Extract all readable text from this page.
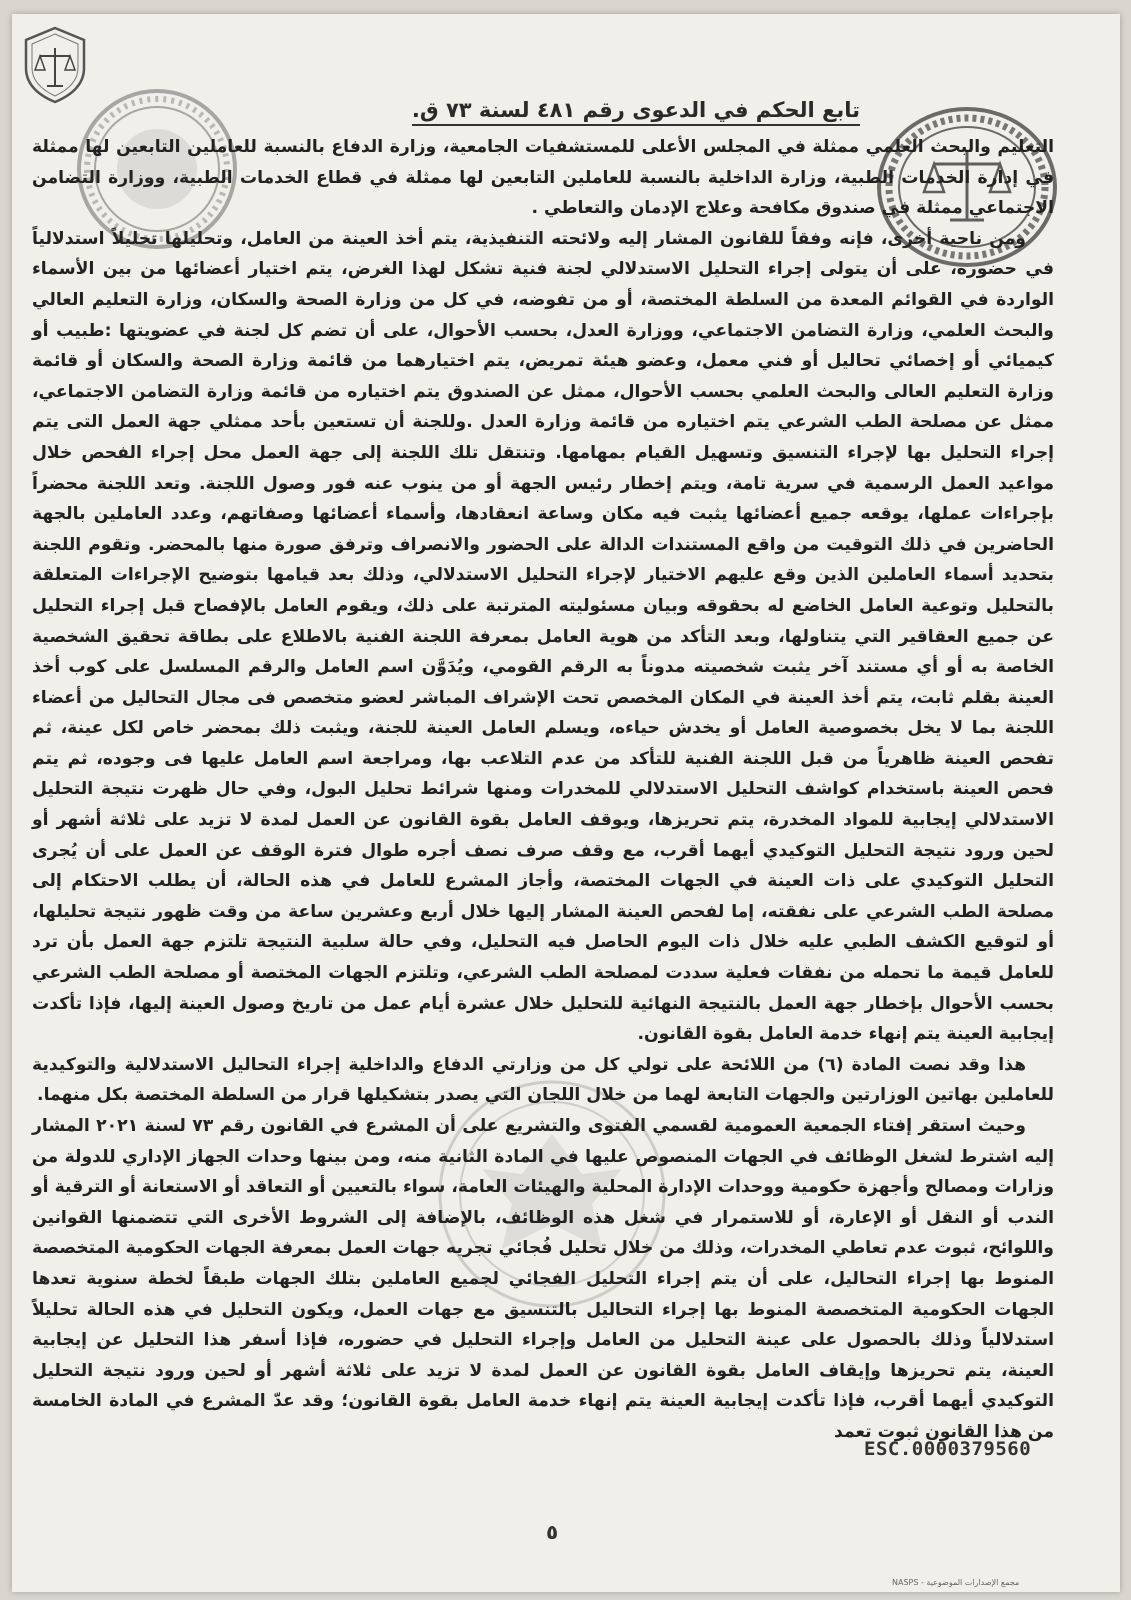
تابع الحكم في الدعوى رقم ٤٨١ لسنة ٧٣ ق.

التعليم والبحث العلمي ممثلة في المجلس الأعلى للمستشفيات الجامعية، وزارة الدفاع بالنسبة للعاملين التابعين لها ممثلة في إدارة الخدمات الطبية، وزارة الداخلية بالنسبة للعاملين التابعين لها ممثلة في قطاع الخدمات الطبية، ووزارة التضامن الاجتماعي ممثلة في صندوق مكافحة وعلاج الإدمان والتعاطي .

ومن ناحية أخرى، فإنه وفقاً للقانون المشار إليه ولائحته التنفيذية، يتم أخذ العينة من العامل، وتحليلها تحليلاً استدلالياً في حضوره، على أن يتولى إجراء التحليل الاستدلالي لجنة فنية تشكل لهذا الغرض، يتم اختيار أعضائها من بين الأسماء الواردة في القوائم المعدة من السلطة المختصة، أو من تفوضه، في كل من وزارة الصحة والسكان، وزارة التعليم العالي والبحث العلمي، وزارة التضامن الاجتماعي، ووزارة العدل، بحسب الأحوال، على أن تضم كل لجنة في عضويتها :طبيب أو كيميائي أو إخصائي تحاليل أو فني معمل، وعضو هيئة تمريض، يتم اختيارهما من قائمة وزارة الصحة والسكان أو قائمة وزارة التعليم العالى والبحث العلمي بحسب الأحوال، ممثل عن الصندوق يتم اختياره من قائمة وزارة التضامن الاجتماعي، ممثل عن مصلحة الطب الشرعي يتم اختياره من قائمة وزارة العدل .وللجنة أن تستعين بأحد ممثلي جهة العمل التى يتم إجراء التحليل بها لإجراء التنسيق وتسهيل القيام بمهامها. وتنتقل تلك اللجنة إلى جهة العمل محل إجراء الفحص خلال مواعيد العمل الرسمية في سرية تامة، ويتم إخطار رئيس الجهة أو من ينوب عنه فور وصول اللجنة. وتعد اللجنة محضراً بإجراءات عملها، يوقعه جميع أعضائها يثبت فيه مكان وساعة انعقادها، وأسماء أعضائها وصفاتهم، وعدد العاملين بالجهة الحاضرين في ذلك التوقيت من واقع المستندات الدالة على الحضور والانصراف وترفق صورة منها بالمحضر. وتقوم اللجنة بتحديد أسماء العاملين الذين وقع عليهم الاختيار لإجراء التحليل الاستدلالي، وذلك بعد قيامها بتوضيح الإجراءات المتعلقة بالتحليل وتوعية العامل الخاضع له بحقوقه وبيان مسئوليته المترتبة على ذلك، ويقوم العامل بالإفصاح قبل إجراء التحليل عن جميع العقاقير التي يتناولها، وبعد التأكد من هوية العامل بمعرفة اللجنة الفنية بالاطلاع على بطاقة تحقيق الشخصية الخاصة به أو أي مستند آخر يثبت شخصيته مدوناً به الرقم القومي، ويُدَوَّن اسم العامل والرقم المسلسل على كوب أخذ العينة بقلم ثابت، يتم أخذ العينة في المكان المخصص تحت الإشراف المباشر لعضو متخصص فى مجال التحاليل من أعضاء اللجنة بما لا يخل بخصوصية العامل أو يخدش حياءه، ويسلم العامل العينة للجنة، ويثبت ذلك بمحضر خاص لكل عينة، ثم تفحص العينة ظاهرياً من قبل اللجنة الفنية للتأكد من عدم التلاعب بها، ومراجعة اسم العامل عليها فى وجوده، ثم يتم فحص العينة باستخدام كواشف التحليل الاستدلالي للمخدرات ومنها شرائط تحليل البول، وفي حال ظهرت نتيجة التحليل الاستدلالي إيجابية للمواد المخدرة، يتم تحريزها، ويوقف العامل بقوة القانون عن العمل لمدة لا تزيد على ثلاثة أشهر أو لحين ورود نتيجة التحليل التوكيدي أيهما أقرب، مع وقف صرف نصف أجره طوال فترة الوقف عن العمل على أن يُجرى التحليل التوكيدي على ذات العينة في الجهات المختصة، وأجاز المشرع للعامل في هذه الحالة، أن يطلب الاحتكام إلى مصلحة الطب الشرعي على نفقته، إما لفحص العينة المشار إليها خلال أربع وعشرين ساعة من وقت ظهور نتيجة تحليلها، أو لتوقيع الكشف الطبي عليه خلال ذات اليوم الحاصل فيه التحليل، وفي حالة سلبية النتيجة تلتزم جهة العمل بأن ترد للعامل قيمة ما تحمله من نفقات فعلية سددت لمصلحة الطب الشرعي، وتلتزم الجهات المختصة أو مصلحة الطب الشرعي بحسب الأحوال بإخطار جهة العمل بالنتيجة النهائية للتحليل خلال عشرة أيام عمل من تاريخ وصول العينة إليها، فإذا تأكدت إيجابية العينة يتم إنهاء خدمة العامل بقوة القانون.

هذا وقد نصت المادة (٦) من اللائحة على تولي كل من وزارتي الدفاع والداخلية إجراء التحاليل الاستدلالية والتوكيدية للعاملين بهاتين الوزارتين والجهات التابعة لهما من خلال اللجان التي يصدر بتشكيلها قرار من السلطة المختصة بكل منهما.

وحيث استقر إفتاء الجمعية العمومية لقسمي الفتوى والتشريع على أن المشرع في القانون رقم ٧٣ لسنة ٢٠٢١ المشار إليه اشترط لشغل الوظائف في الجهات المنصوص عليها في المادة الثانية منه، ومن بينها وحدات الجهاز الإداري للدولة من وزارات ومصالح وأجهزة حكومية ووحدات الإدارة المحلية والهيئات العامة، سواء بالتعيين أو التعاقد أو الاستعانة أو الترقية أو الندب أو النقل أو الإعارة، أو للاستمرار في شغل هذه الوظائف، بالإضافة إلى الشروط الأخرى التي تتضمنها القوانين واللوائح، ثبوت عدم تعاطي المخدرات، وذلك من خلال تحليل فُجائي تجريه جهات العمل بمعرفة الجهات الحكومية المتخصصة المنوط بها إجراء التحاليل، على أن يتم إجراء التحليل الفجائي لجميع العاملين بتلك الجهات طبقاً لخطة سنوية تعدها الجهات الحكومية المتخصصة المنوط بها إجراء التحاليل بالتنسيق مع جهات العمل، ويكون التحليل في هذه الحالة تحليلاً استدلالياً وذلك بالحصول على عينة التحليل من العامل وإجراء التحليل في حضوره، فإذا أسفر هذا التحليل عن إيجابية العينة، يتم تحريزها وإيقاف العامل بقوة القانون عن العمل لمدة لا تزيد على ثلاثة أشهر أو لحين ورود نتيجة التحليل التوكيدي أيهما أقرب، فإذا تأكدت إيجابية العينة يتم إنهاء خدمة العامل بقوة القانون؛ وقد عدّ المشرع في المادة الخامسة من هذا القانون ثبوت تعمد

ESC.0000379560
٥
مجمع الإصدارات الموضوعية - NASPS
